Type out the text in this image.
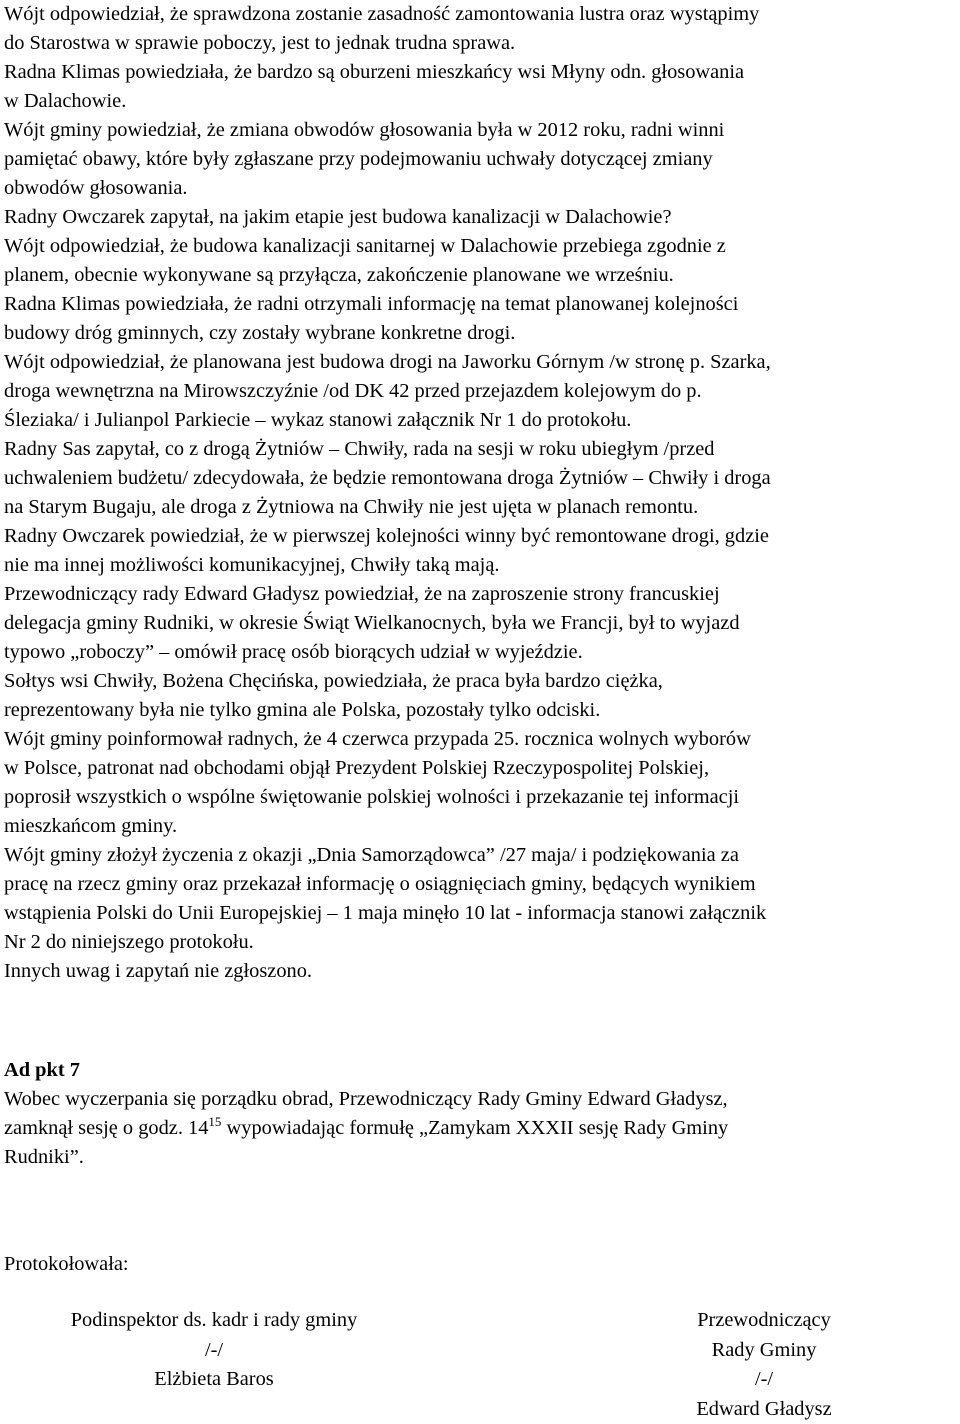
Wójt odpowiedział, że sprawdzona zostanie zasadność zamontowania lustra oraz wystąpimy
do Starostwa w sprawie poboczy, jest to jednak trudna sprawa.
Radna Klimas powiedziała, że bardzo są oburzeni mieszkańcy wsi Młyny odn. głosowania
w Dalachowie.
Wójt gminy powiedział, że zmiana obwodów głosowania była w 2012 roku, radni winni
pamiętać obawy, które były zgłaszane przy podejmowaniu uchwały dotyczącej zmiany
obwodów głosowania.
Radny Owczarek zapytał, na jakim etapie jest budowa kanalizacji w Dalachowie?
Wójt odpowiedział, że budowa kanalizacji sanitarnej w Dalachowie przebiega zgodnie z
planem, obecnie wykonywane są przyłącza, zakończenie planowane we wrześniu.
Radna Klimas powiedziała, że radni otrzymali informację na temat planowanej kolejności
budowy dróg gminnych, czy zostały wybrane konkretne drogi.
Wójt odpowiedział, że planowana jest budowa drogi na Jaworku Górnym /w stronę p. Szarka,
droga wewnętrzna na Mirowszczyźnie /od DK 42 przed przejazdem kolejowym do p.
Śleziaka/ i Julianpol Parkiecie – wykaz stanowi załącznik Nr 1 do protokołu.
Radny Sas zapytał, co z drogą Żytniów – Chwiły, rada na sesji w roku ubiegłym /przed
uchwaleniem budżetu/ zdecydowała, że będzie remontowana droga Żytniów – Chwiły i droga
na Starym Bugaju, ale droga z Żytniowa na Chwiły nie jest ujęta w planach remontu.
Radny Owczarek powiedział, że w pierwszej kolejności winny być remontowane drogi, gdzie
nie ma innej możliwości komunikacyjnej, Chwiły taką mają.
Przewodniczący rady Edward Gładysz powiedział, że na zaproszenie strony francuskiej
delegacja gminy Rudniki, w okresie Świąt Wielkanocnych, była we Francji, był to wyjazd
typowo „roboczy” – omówił pracę osób biorących udział w wyjeździe.
Sołtys wsi Chwiły, Bożena Chęcińska, powiedziała, że praca była bardzo ciężka,
reprezentowany była nie tylko gmina ale Polska, pozostały tylko odciski.
Wójt gminy poinformował radnych, że 4 czerwca przypada 25. rocznica wolnych wyborów
w Polsce, patronat nad obchodami objął Prezydent Polskiej Rzeczypospolitej Polskiej,
poprosił wszystkich o wspólne świętowanie polskiej wolności i przekazanie tej informacji
mieszkańcom gminy.
Wójt gminy złożył życzenia z okazji „Dnia Samorządowca” /27 maja/ i podziękowania za
pracę na rzecz gminy oraz przekazał informację o osiągnięciach gminy, będących wynikiem
wstąpienia Polski do Unii Europejskiej – 1 maja minęło 10 lat - informacja stanowi załącznik
Nr 2 do niniejszego protokołu.
Innych uwag i zapytań nie zgłoszono.

Ad pkt 7

Wobec wyczerpania się porządku obrad, Przewodniczący Rady Gminy Edward Gładysz,
zamknął sesję o godz. $14^{15}$ wypowiadając formułę „Zamykam XXXII sesję Rady Gminy
Rudniki”.
Protokołowała:
Podinspektor ds. kadr i rady gminy
/-/
Elżbieta Baros
Przewodniczący
Rady Gminy
/-/
Edward Gładysz
